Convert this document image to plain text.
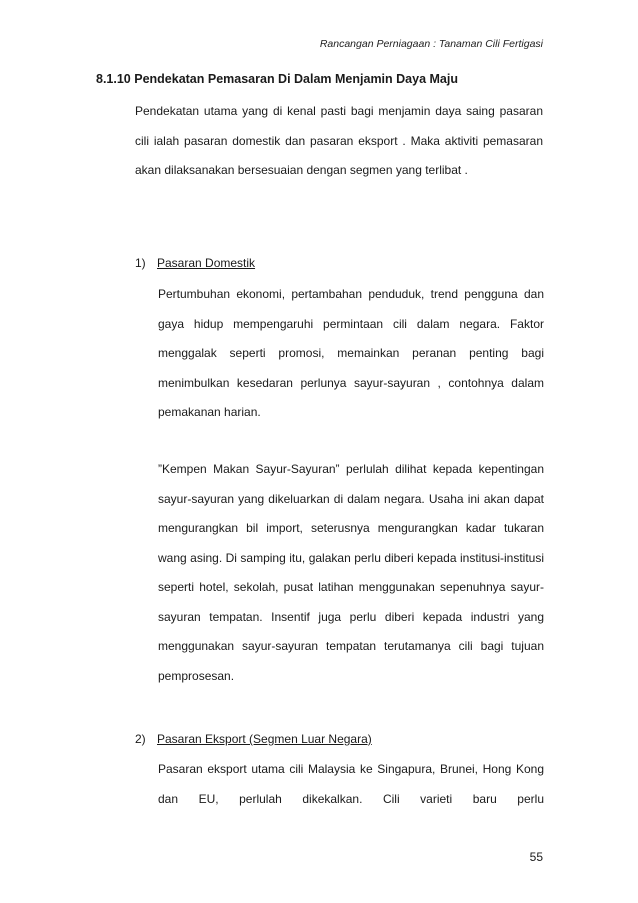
Rancangan Perniagaan : Tanaman Cili Fertigasi
8.1.10 Pendekatan Pemasaran Di Dalam Menjamin Daya Maju

Pendekatan utama yang di kenal pasti bagi menjamin daya saing pasaran cili ialah pasaran domestik dan pasaran eksport . Maka aktiviti pemasaran akan dilaksanakan bersesuaian dengan segmen yang terlibat .

1) Pasaran Domestik

Pertumbuhan ekonomi, pertambahan penduduk, trend pengguna dan gaya hidup mempengaruhi permintaan cili dalam negara. Faktor menggalak seperti promosi, memainkan peranan penting bagi menimbulkan kesedaran perlunya sayur-sayuran , contohnya dalam pemakanan harian.

”Kempen Makan Sayur-Sayuran” perlulah dilihat kepada kepentingan sayur-sayuran yang dikeluarkan di dalam negara. Usaha ini akan dapat mengurangkan bil import, seterusnya mengurangkan kadar tukaran wang asing. Di samping itu, galakan perlu diberi kepada institusi-institusi seperti hotel, sekolah, pusat latihan menggunakan sepenuhnya sayur-sayuran tempatan. Insentif juga perlu diberi kepada industri yang menggunakan sayur-sayuran tempatan terutamanya cili bagi tujuan pemprosesan.

2) Pasaran Eksport (Segmen Luar Negara)

Pasaran eksport utama cili Malaysia ke Singapura, Brunei, Hong Kong dan EU, perlulah dikekalkan. Cili varieti baru perlu

55
